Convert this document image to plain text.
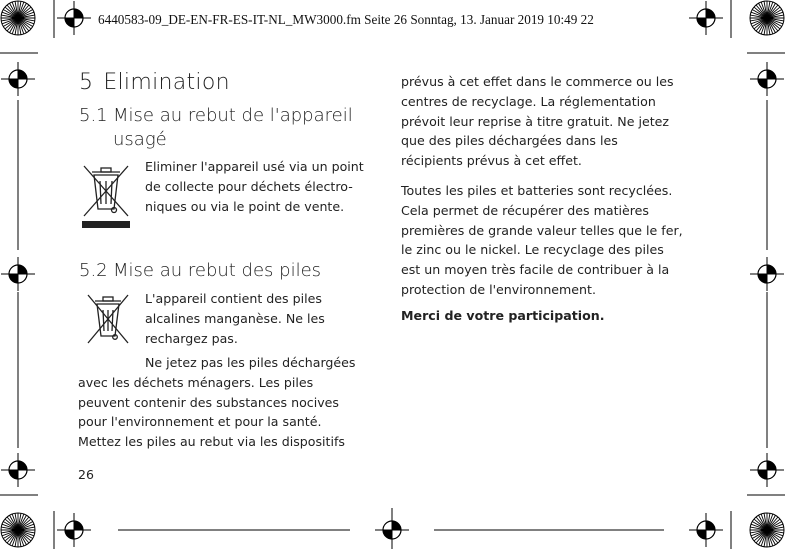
6440583-09_DE-EN-FR-ES-IT-NL_MW3000.fm Seite 26 Sonntag, 13. Januar 2019 10:49 22
5 Elimination
5.1 Mise au rebut de l'appareil
usagé
Eliminer l'appareil usé via un point
de collecte pour déchets électro-
niques ou via le point de vente.
5.2 Mise au rebut des piles
L'appareil contient des piles
alcalines manganèse. Ne les
rechargez pas.
Ne jetez pas les piles déchargées
avec les déchets ménagers. Les piles
peuvent contenir des substances nocives
pour l'environnement et pour la santé.
Mettez les piles au rebut via les dispositifs
prévus à cet effet dans le commerce ou les
centres de recyclage. La réglementation
prévoit leur reprise à titre gratuit. Ne jetez
que des piles déchargées dans les
récipients prévus à cet effet.
Toutes les piles et batteries sont recyclées.
Cela permet de récupérer des matières
premières de grande valeur telles que le fer,
le zinc ou le nickel. Le recyclage des piles
est un moyen très facile de contribuer à la
protection de l'environnement.
Merci de votre participation.
26
